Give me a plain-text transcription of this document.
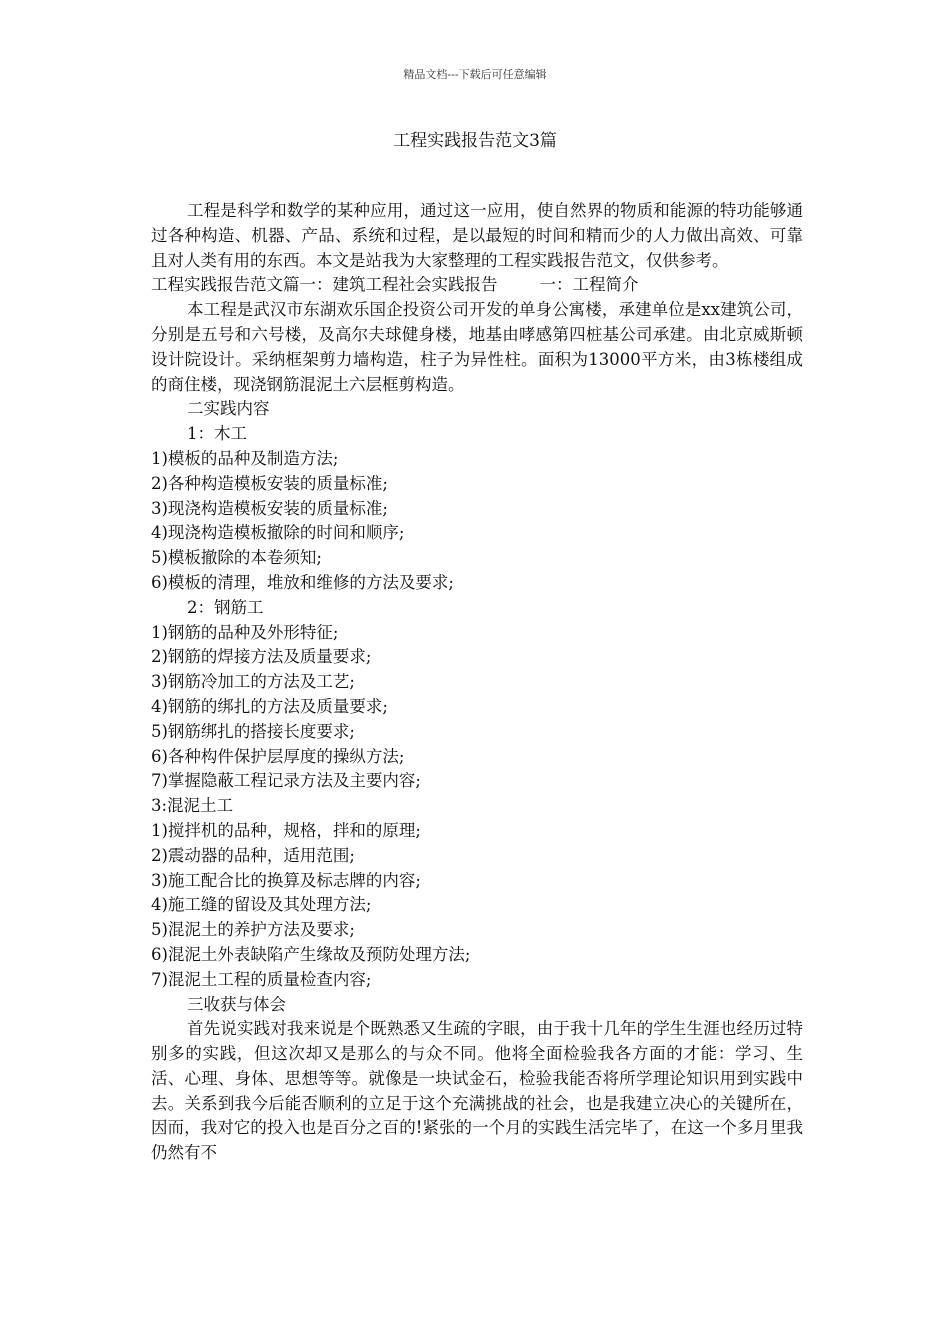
精品文档---下载后可任意编辑
工程实践报告范文3篇

工程是科学和数学的某种应用，通过这一应用，使自然界的物质和能源的特功能够通过各种构造、机器、产品、系统和过程，是以最短的时间和精而少的人力做出高效、可靠且对人类有用的东西。本文是站我为大家整理的工程实践报告范文，仅供参考。

工程实践报告范文篇一：建筑工程社会实践报告        一：工程简介

本工程是武汉市东湖欢乐国企投资公司开发的单身公寓楼，承建单位是xx建筑公司，分别是五号和六号楼，及高尔夫球健身楼，地基由哮感第四桩基公司承建。由北京威斯顿设计院设计。采纳框架剪力墙构造，柱子为异性柱。面积为13000平方米，由3栋楼组成的商住楼，现浇钢筋混泥土六层框剪构造。

二实践内容

1：木工

1)模板的品种及制造方法;

2)各种构造模板安装的质量标准;

3)现浇构造模板安装的质量标准;

4)现浇构造模板撤除的时间和顺序;

5)模板撤除的本卷须知;

6)模板的清理，堆放和维修的方法及要求;

2：钢筋工

1)钢筋的品种及外形特征;

2)钢筋的焊接方法及质量要求;

3)钢筋冷加工的方法及工艺;

4)钢筋的绑扎的方法及质量要求;

5)钢筋绑扎的搭接长度要求;

6)各种构件保护层厚度的操纵方法;

7)掌握隐蔽工程记录方法及主要内容;

3:混泥土工

1)搅拌机的品种，规格，拌和的原理;

2)震动器的品种，适用范围;

3)施工配合比的换算及标志牌的内容;

4)施工缝的留设及其处理方法;

5)混泥土的养护方法及要求;

6)混泥土外表缺陷产生缘故及预防处理方法;

7)混泥土工程的质量检查内容;

三收获与体会

首先说实践对我来说是个既熟悉又生疏的字眼，由于我十几年的学生生涯也经历过特别多的实践，但这次却又是那么的与众不同。他将全面检验我各方面的才能：学习、生活、心理、身体、思想等等。就像是一块试金石，检验我能否将所学理论知识用到实践中去。关系到我今后能否顺利的立足于这个充满挑战的社会，也是我建立决心的关键所在，因而，我对它的投入也是百分之百的!紧张的一个月的实践生活完毕了，在这一个多月里我仍然有不
